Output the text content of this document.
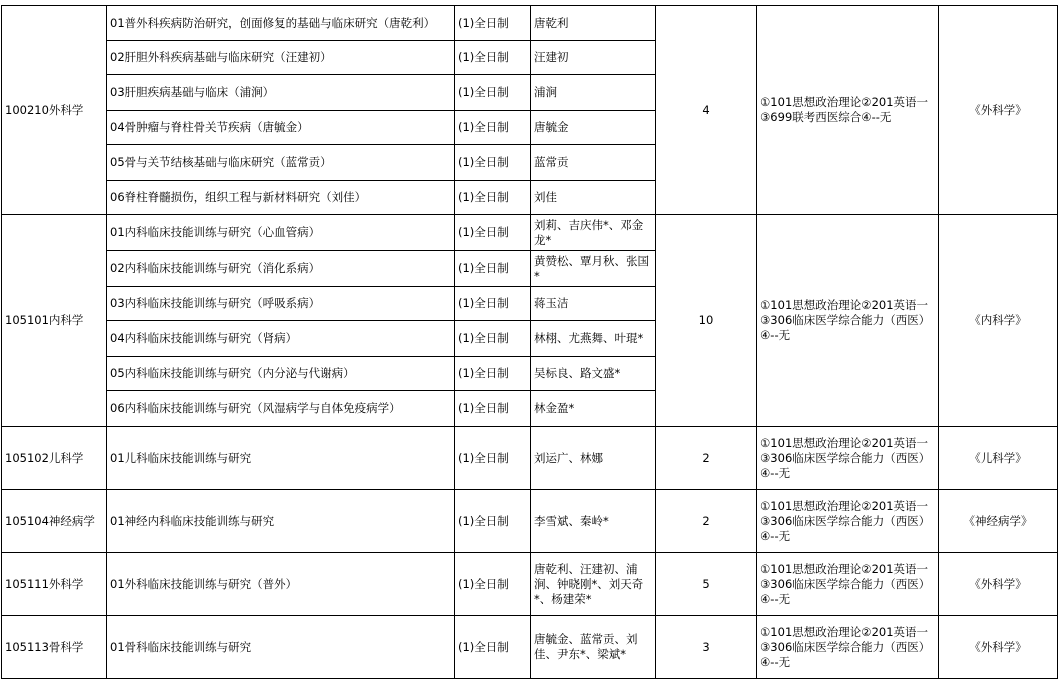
100210外科学	01普外科疾病防治研究，创面修复的基础与临床研究（唐乾利）	(1)全日制	唐乾利	4	①101思想政治理论②201英语一③699联考西医综合④--无	《外科学》
	02肝胆外科疾病基础与临床研究（汪建初）	(1)全日制	汪建初			
	03肝胆疾病基础与临床（浦涧）	(1)全日制	浦涧			
	04骨肿瘤与脊柱骨关节疾病（唐毓金）	(1)全日制	唐毓金			
	05骨与关节结核基础与临床研究（蓝常贡）	(1)全日制	蓝常贡			
	06脊柱脊髓损伤，组织工程与新材料研究（刘佳）	(1)全日制	刘佳			
105101内科学	01内科临床技能训练与研究（心血管病）	(1)全日制	刘莉、吉庆伟*、邓金龙*	10	①101思想政治理论②201英语一③306临床医学综合能力（西医）④--无	《内科学》
	02内科临床技能训练与研究（消化系病）	(1)全日制	黄赞松、覃月秋、张国*			
	03内科临床技能训练与研究（呼吸系病）	(1)全日制	蒋玉洁			
	04内科临床技能训练与研究（肾病）	(1)全日制	林栩、尤燕舞、叶琨*			
	05内科临床技能训练与研究（内分泌与代谢病）	(1)全日制	吴标良、路文盛*			
	06内科临床技能训练与研究（风湿病学与自体免疫病学）	(1)全日制	林金盈*			
105102儿科学	01儿科临床技能训练与研究	(1)全日制	刘运广、林娜	2	①101思想政治理论②201英语一③306临床医学综合能力（西医）④--无	《儿科学》
105104神经病学	01神经内科临床技能训练与研究	(1)全日制	李雪斌、秦岭*	2	①101思想政治理论②201英语一③306临床医学综合能力（西医）④--无	《神经病学》
105111外科学	01外科临床技能训练与研究（普外）	(1)全日制	唐乾利、汪建初、浦涧、钟晓刚*、刘天奇*、杨建荣*	5	①101思想政治理论②201英语一③306临床医学综合能力（西医）④--无	《外科学》
105113骨科学	01骨科临床技能训练与研究	(1)全日制	唐毓金、蓝常贡、刘佳、尹东*、梁斌*	3	①101思想政治理论②201英语一③306临床医学综合能力（西医）④--无	《外科学》
